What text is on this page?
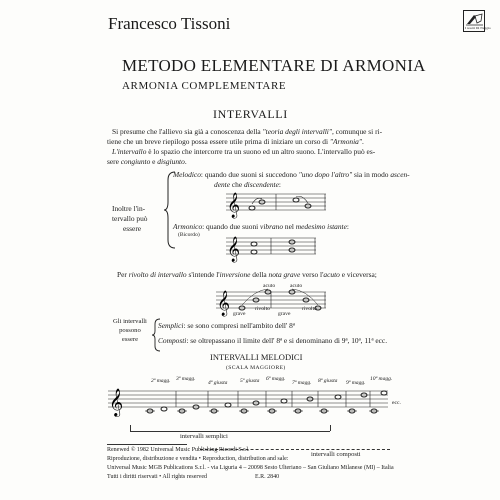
Francesco Tissoni	I nostri Di Nuggio
METODO ELEMENTARE DI ARMONIA
ARMONIA COMPLEMENTARE
INTERVALLI
Si presume che l'allievo sia già a conoscenza della "teoria degli intervalli", comunque si ri-
tiene che un breve riepilogo possa essere utile prima di iniziare un corso di "Armonia".
L'intervallo è lo spazio che intercorre tra un suono ed un altro suono. L'intervallo può es-
sere congiunto e disgiunto.
Inoltre l'in-
tervallo può
essere
Melodico: quando due suoni si succedono "uno dopo l'altro" sia in modo ascen-
dente che discendente:
𝄞
Armonico: quando due suoni vibrano nel medesimo istante:
(Bicordo)
𝄞
Per rivolto di intervallo s'intende l'inversione della nota grave verso l'acuto e viceversa;
acuto	acuto
𝄞 grave
rivolto
grave
rivolto
Gli intervalli
possono
essere
Semplici: se sono compresi nell'ambito dell' 8ª
Composti: se oltrepassano il limite dell' 8ª e si denominano di 9ª, 10ª, 11ª ecc.
INTERVALLI MELODICI
(SCALA MAGGIORE)
2ª magg. 3ª magg.
4ª giusta 5ª giusta 6ª magg.
7ª magg. 8ª giusta 9ª magg.
10ª magg.
𝄞	ecc.
intervalli semplici
intervalli composti
Renewed © 1982 Universal Music Publishing Ricordi S.r.l.
Riproduzione, distribuzione e vendita • Reproduction, distribution and sale:
Universal Music MGB Publications S.r.l. - via Liguria 4 – 20098 Sesto Ulteriano – San Giuliano Milanese (MI) – Italia
Tutti i diritti riservati • All rights reserved	E.R. 2840
